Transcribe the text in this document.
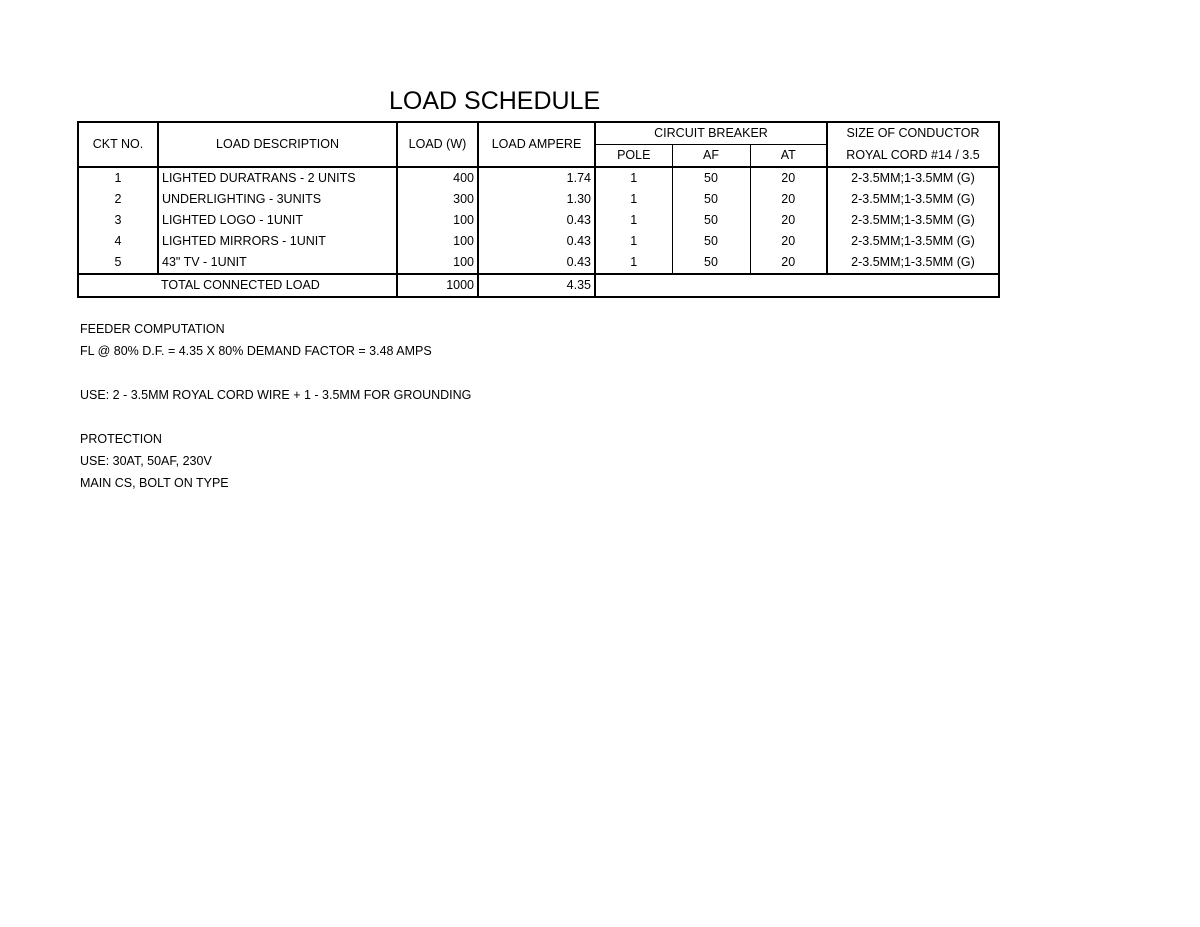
LOAD SCHEDULE
CKT NO.	LOAD DESCRIPTION	LOAD (W)	LOAD AMPERE	CIRCUIT BREAKER			SIZE OF CONDUCTOR
				POLE	AF	AT	ROYAL CORD #14 / 3.5
1	LIGHTED DURATRANS - 2 UNITS	400	1.74	1	50	20	2-3.5MM;1-3.5MM (G)
2	UNDERLIGHTING - 3UNITS	300	1.30	1	50	20	2-3.5MM;1-3.5MM (G)
3	LIGHTED LOGO - 1UNIT	100	0.43	1	50	20	2-3.5MM;1-3.5MM (G)
4	LIGHTED MIRRORS - 1UNIT	100	0.43	1	50	20	2-3.5MM;1-3.5MM (G)
5	43" TV - 1UNIT	100	0.43	1	50	20	2-3.5MM;1-3.5MM (G)
	TOTAL CONNECTED LOAD	1000	4.35				
FEEDER COMPUTATION
FL @ 80% D.F. = 4.35 X 80% DEMAND FACTOR = 3.48 AMPS
USE: 2 - 3.5MM ROYAL CORD WIRE + 1 - 3.5MM FOR GROUNDING
PROTECTION
USE: 30AT, 50AF, 230V
MAIN CS, BOLT ON TYPE
